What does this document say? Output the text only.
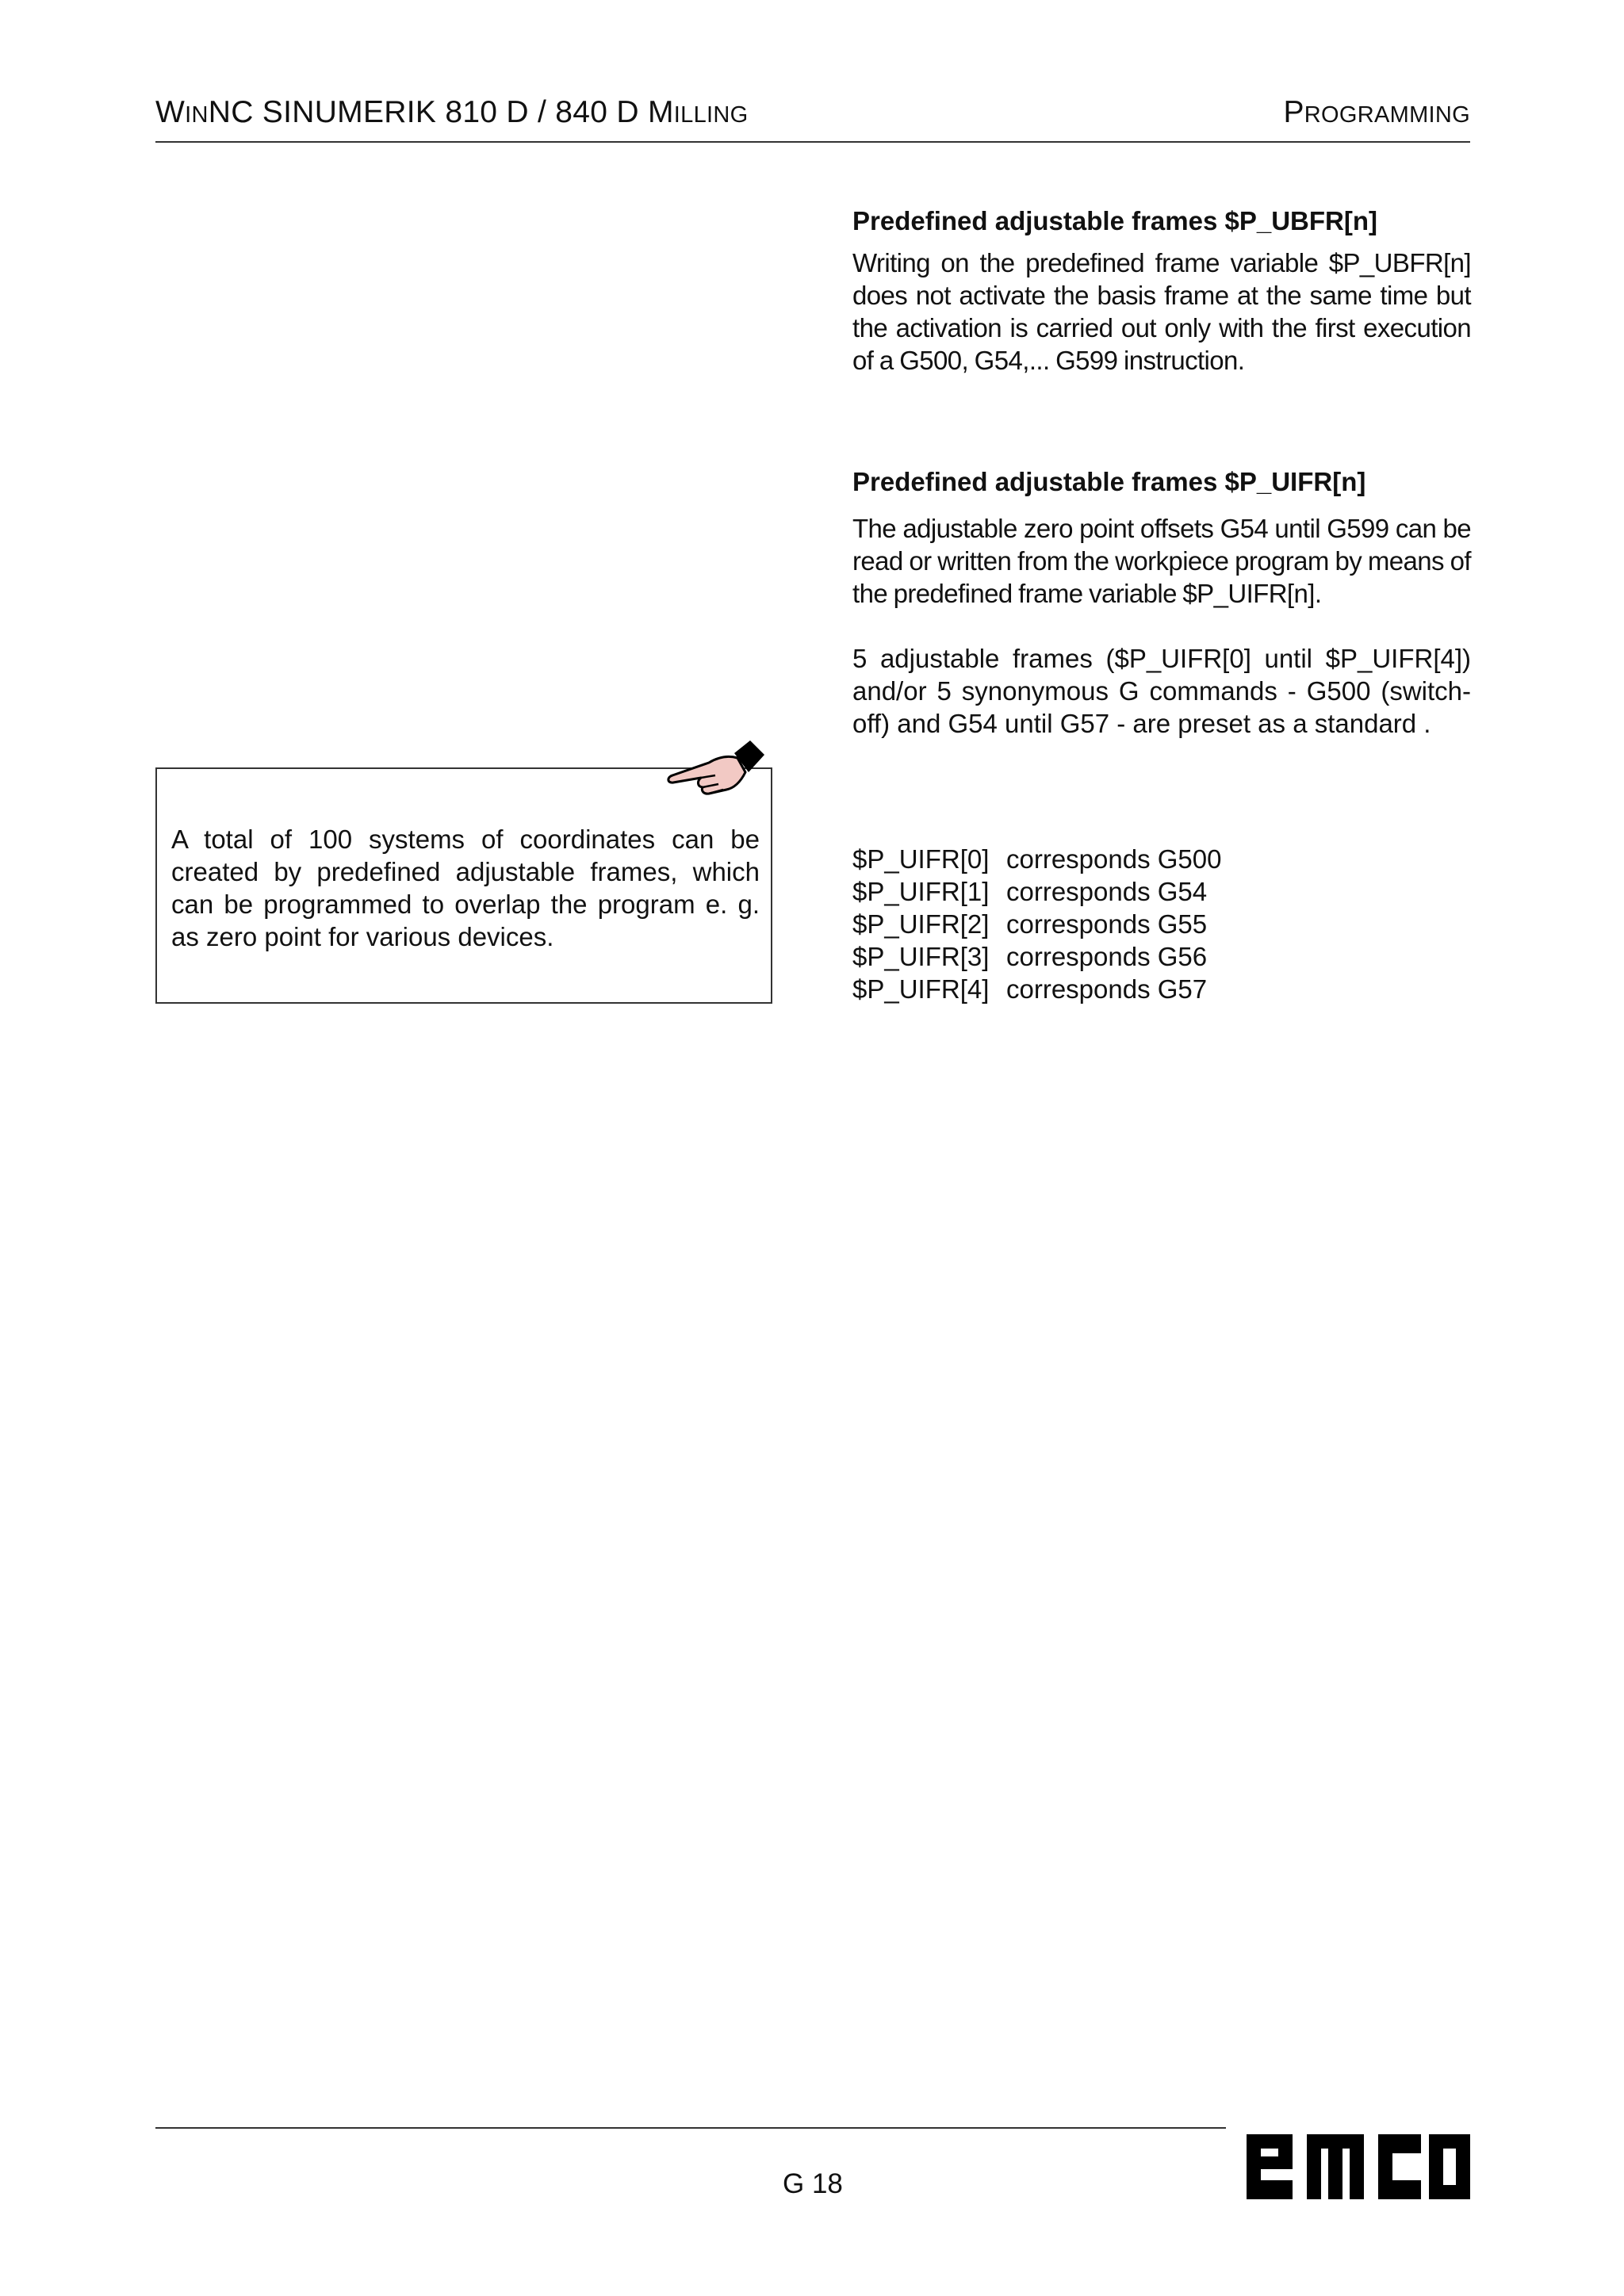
WINNC SINUMERIK 810 D / 840 D MILLING	PROGRAMMING
Predefined adjustable frames $P_UBFR[n]

Writing on the predefined frame variable $P_UBFR[n] does not activate the basis frame at the same time but the activation is carried out only with the first execution of a G500, G54,... G599 instruction.

Predefined adjustable frames $P_UIFR[n]

The adjustable zero point offsets G54 until G599 can be read or written from the workpiece program by means of the predefined frame variable $P_UIFR[n].

5 adjustable frames ($P_UIFR[0] until $P_UIFR[4]) and/or 5 synonymous G commands - G500 (switch-off) and G54 until G57 - are preset as a standard .

A total of 100 systems of coordinates can be created by predefined adjustable frames, which can be programmed to overlap the program e. g. as zero point for various devices.

$P_UIFR[0] corresponds G500
$P_UIFR[1] corresponds G54
$P_UIFR[2] corresponds G55
$P_UIFR[3] corresponds G56
$P_UIFR[4] corresponds G57
G 18
